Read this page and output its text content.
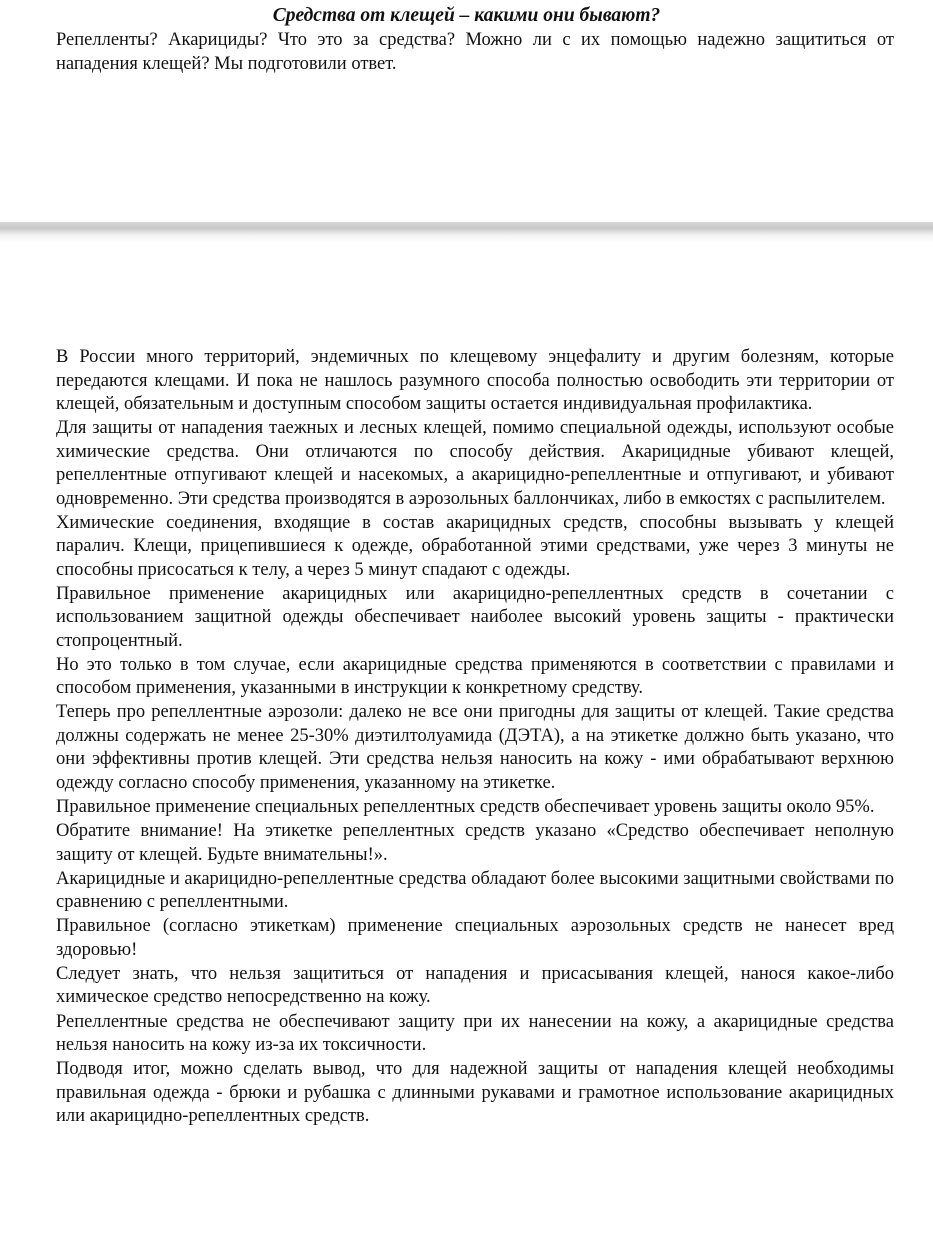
Средства от клещей – какими они бывают?
Репелленты? Акарициды? Что это за средства? Можно ли с их помощью надежно защититься от нападения клещей? Мы подготовили ответ.

В России много территорий, эндемичных по клещевому энцефалиту и другим болезням, которые передаются клещами. И пока не нашлось разумного способа полностью освободить эти территории от клещей, обязательным и доступным способом защиты остается индивидуальная профилактика.

Для защиты от нападения таежных и лесных клещей, помимо специальной одежды, используют особые химические средства. Они отличаются по способу действия. Акарицидные убивают клещей, репеллентные отпугивают клещей и насекомых, а акарицидно-репеллентные и отпугивают, и убивают одновременно. Эти средства производятся в аэрозольных баллончиках, либо в емкостях с распылителем.

Химические соединения, входящие в состав акарицидных средств, способны вызывать у клещей паралич. Клещи, прицепившиеся к одежде, обработанной этими средствами, уже через 3 минуты не способны присосаться к телу, а через 5 минут спадают с одежды.

Правильное применение акарицидных или акарицидно-репеллентных средств в сочетании с использованием защитной одежды обеспечивает наиболее высокий уровень защиты - практически стопроцентный.

Но это только в том случае, если акарицидные средства применяются в соответствии с правилами и способом применения, указанными в инструкции к конкретному средству.

Теперь про репеллентные аэрозоли: далеко не все они пригодны для защиты от клещей. Такие средства должны содержать не менее 25-30% диэтилтолуамида (ДЭТА), а на этикетке должно быть указано, что они эффективны против клещей. Эти средства нельзя наносить на кожу - ими обрабатывают верхнюю одежду согласно способу применения, указанному на этикетке.

Правильное применение специальных репеллентных средств обеспечивает уровень защиты около 95%.

Обратите внимание! На этикетке репеллентных средств указано «Средство обеспечивает неполную защиту от клещей. Будьте внимательны!».

Акарицидные и акарицидно-репеллентные средства обладают более высокими защитными свойствами по сравнению с репеллентными.

Правильное (согласно этикеткам) применение специальных аэрозольных средств не нанесет вред здоровью!

Следует знать, что нельзя защититься от нападения и присасывания клещей, нанося какое-либо химическое средство непосредственно на кожу.

Репеллентные средства не обеспечивают защиту при их нанесении на кожу, а акарицидные средства нельзя наносить на кожу из-за их токсичности.

Подводя итог, можно сделать вывод, что для надежной защиты от нападения клещей необходимы правильная одежда - брюки и рубашка с длинными рукавами и грамотное использование акарицидных или акарицидно-репеллентных средств.
